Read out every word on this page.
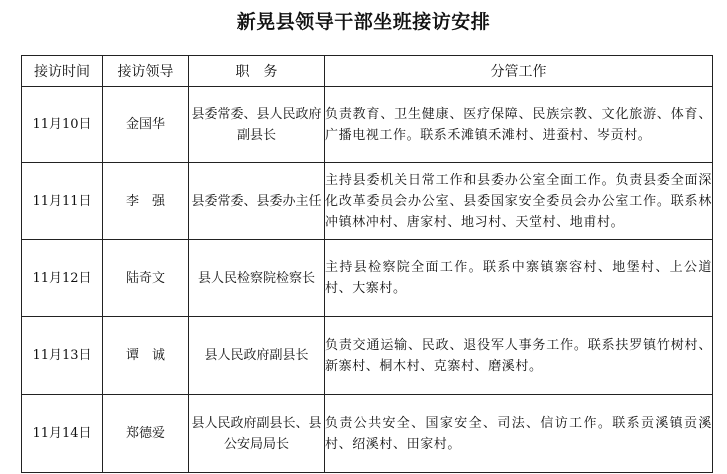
新晃县领导干部坐班接访安排
接访时间	接访领导	职　务	分管工作
11月10日	金国华	县委常委、县人民政府副县长	负责教育、卫生健康、医疗保障、民族宗教、文化旅游、体育、广播电视工作。联系禾滩镇禾滩村、进蚕村、岑贡村。
11月11日	李　强	县委常委、县委办主任	主持县委机关日常工作和县委办公室全面工作。负责县委全面深化改革委员会办公室、县委国家安全委员会办公室工作。联系林冲镇林冲村、唐家村、地习村、天堂村、地甫村。
11月12日	陆奇文	县人民检察院检察长	主持县检察院全面工作。联系中寨镇寨容村、地堡村、上公道村、大寨村。
11月13日	谭　诚	县人民政府副县长	负责交通运输、民政、退役军人事务工作。联系扶罗镇竹树村、新寨村、桐木村、克寨村、磨溪村。
11月14日	郑德爱	县人民政府副县长、县公安局局长	负责公共安全、国家安全、司法、信访工作。联系贡溪镇贡溪村、绍溪村、田家村。
